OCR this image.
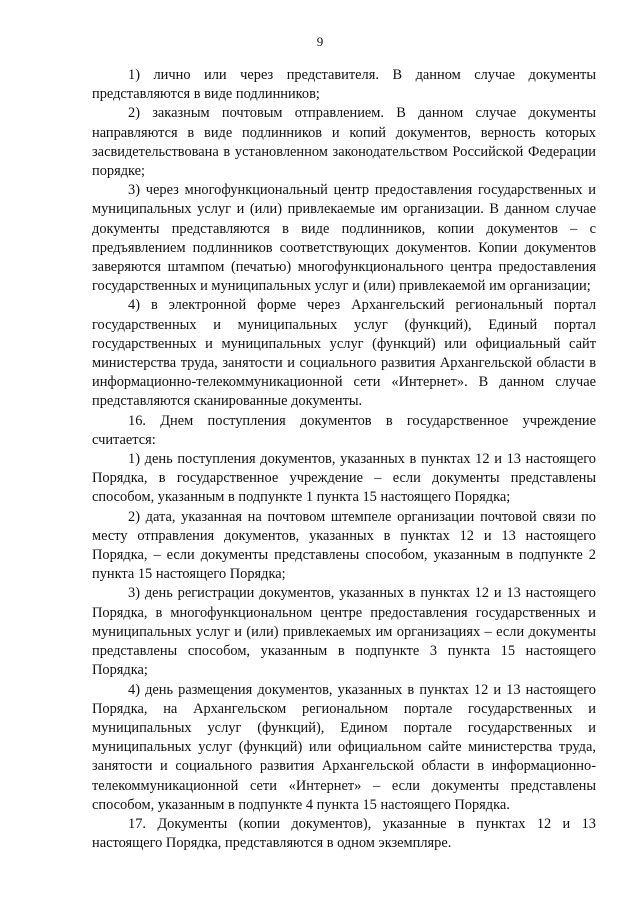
9

1) лично или через представителя. В данном случае документы представляются в виде подлинников;

2) заказным почтовым отправлением. В данном случае документы направляются в виде подлинников и копий документов, верность которых засвидетельствована в установленном законодательством Российской Федерации порядке;

3) через многофункциональный центр предоставления государственных и муниципальных услуг и (или) привлекаемые им организации. В данном случае документы представляются в виде подлинников, копии документов – с предъявлением подлинников соответствующих документов. Копии документов заверяются штампом (печатью) многофункционального центра предоставления государственных и муниципальных услуг и (или) привлекаемой им организации;

4) в электронной форме через Архангельский региональный портал государственных и муниципальных услуг (функций), Единый портал государственных и муниципальных услуг (функций) или официальный сайт министерства труда, занятости и социального развития Архангельской области в информационно-телекоммуникационной сети «Интернет». В данном случае представляются сканированные документы.

16. Днем поступления документов в государственное учреждение считается:

1) день поступления документов, указанных в пунктах 12 и 13 настоящего Порядка, в государственное учреждение – если документы представлены способом, указанным в подпункте 1 пункта 15 настоящего Порядка;

2) дата, указанная на почтовом штемпеле организации почтовой связи по месту отправления документов, указанных в пунктах 12 и 13 настоящего Порядка, – если документы представлены способом, указанным в подпункте 2 пункта 15 настоящего Порядка;

3) день регистрации документов, указанных в пунктах 12 и 13 настоящего Порядка, в многофункциональном центре предоставления государственных и муниципальных услуг и (или) привлекаемых им организациях – если документы представлены способом, указанным в подпункте 3 пункта 15 настоящего Порядка;

4) день размещения документов, указанных в пунктах 12 и 13 настоящего Порядка, на Архангельском региональном портале государственных и муниципальных услуг (функций), Едином портале государственных и муниципальных услуг (функций) или официальном сайте министерства труда, занятости и социального развития Архангельской области в информационно-телекоммуникационной сети «Интернет» – если документы представлены способом, указанным в подпункте 4 пункта 15 настоящего Порядка.

17. Документы (копии документов), указанные в пунктах 12 и 13 настоящего Порядка, представляются в одном экземпляре.
